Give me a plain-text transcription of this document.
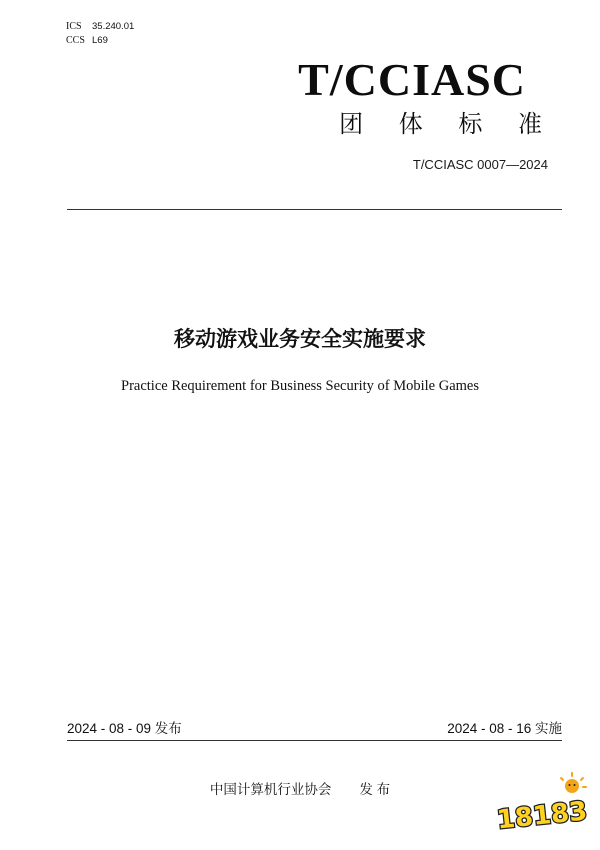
ICS 35.240.01
CCS L69
T/CCIASC
团 体 标 准
T/CCIASC 0007—2024
移动游戏业务安全实施要求
Practice Requirement for Business Security of Mobile Games
2024 - 08 - 09 发布	2024 - 08 - 16 实施
中国计算机行业协会 发 布
18183
